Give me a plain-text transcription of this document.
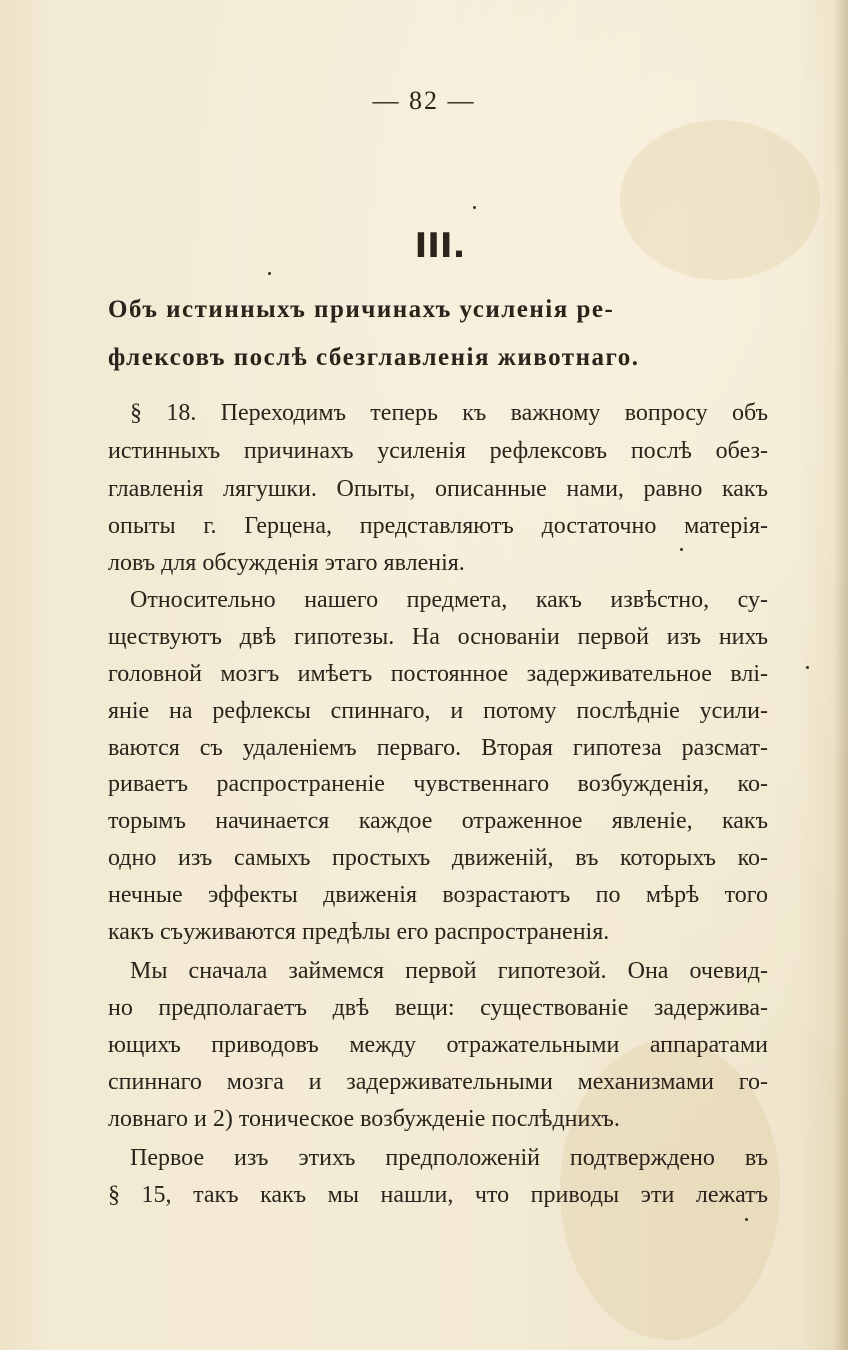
— 82 —
III.
Объ истинныхъ причинахъ усиленія ре-
флексовъ послѣ сбезглавленія животнаго.
§ 18. Переходимъ теперь къ важному вопросу объ
истинныхъ причинахъ усиленія рефлексовъ послѣ обез-
главленія лягушки. Опыты, описанные нами, равно какъ
опыты г. Герцена, представляютъ достаточно матерія-
ловъ для обсужденія этаго явленія.
Относительно нашего предмета, какъ извѣстно, су-
ществуютъ двѣ гипотезы. На основаніи первой изъ нихъ
головной мозгъ имѣетъ постоянное задерживательное влі-
яніе на рефлексы спиннаго, и потому послѣдніе усили-
ваются съ удаленіемъ перваго. Вторая гипотеза разсмат-
риваетъ распространеніе чувственнаго возбужденія, ко-
торымъ начинается каждое отраженное явленіе, какъ
одно изъ самыхъ простыхъ движеній, въ которыхъ ко-
нечные эффекты движенія возрастаютъ по мѣрѣ того
какъ съуживаются предѣлы его распространенія.
Мы сначала займемся первой гипотезой. Она очевид-
но предполагаетъ двѣ вещи: существованіе задержива-
ющихъ приводовъ между отражательными аппаратами
спиннаго мозга и задерживательными механизмами го-
ловнаго и 2) тоническое возбужденіе послѣднихъ.
Первое изъ этихъ предположеній подтверждено въ
§ 15, такъ какъ мы нашли, что приводы эти лежатъ
